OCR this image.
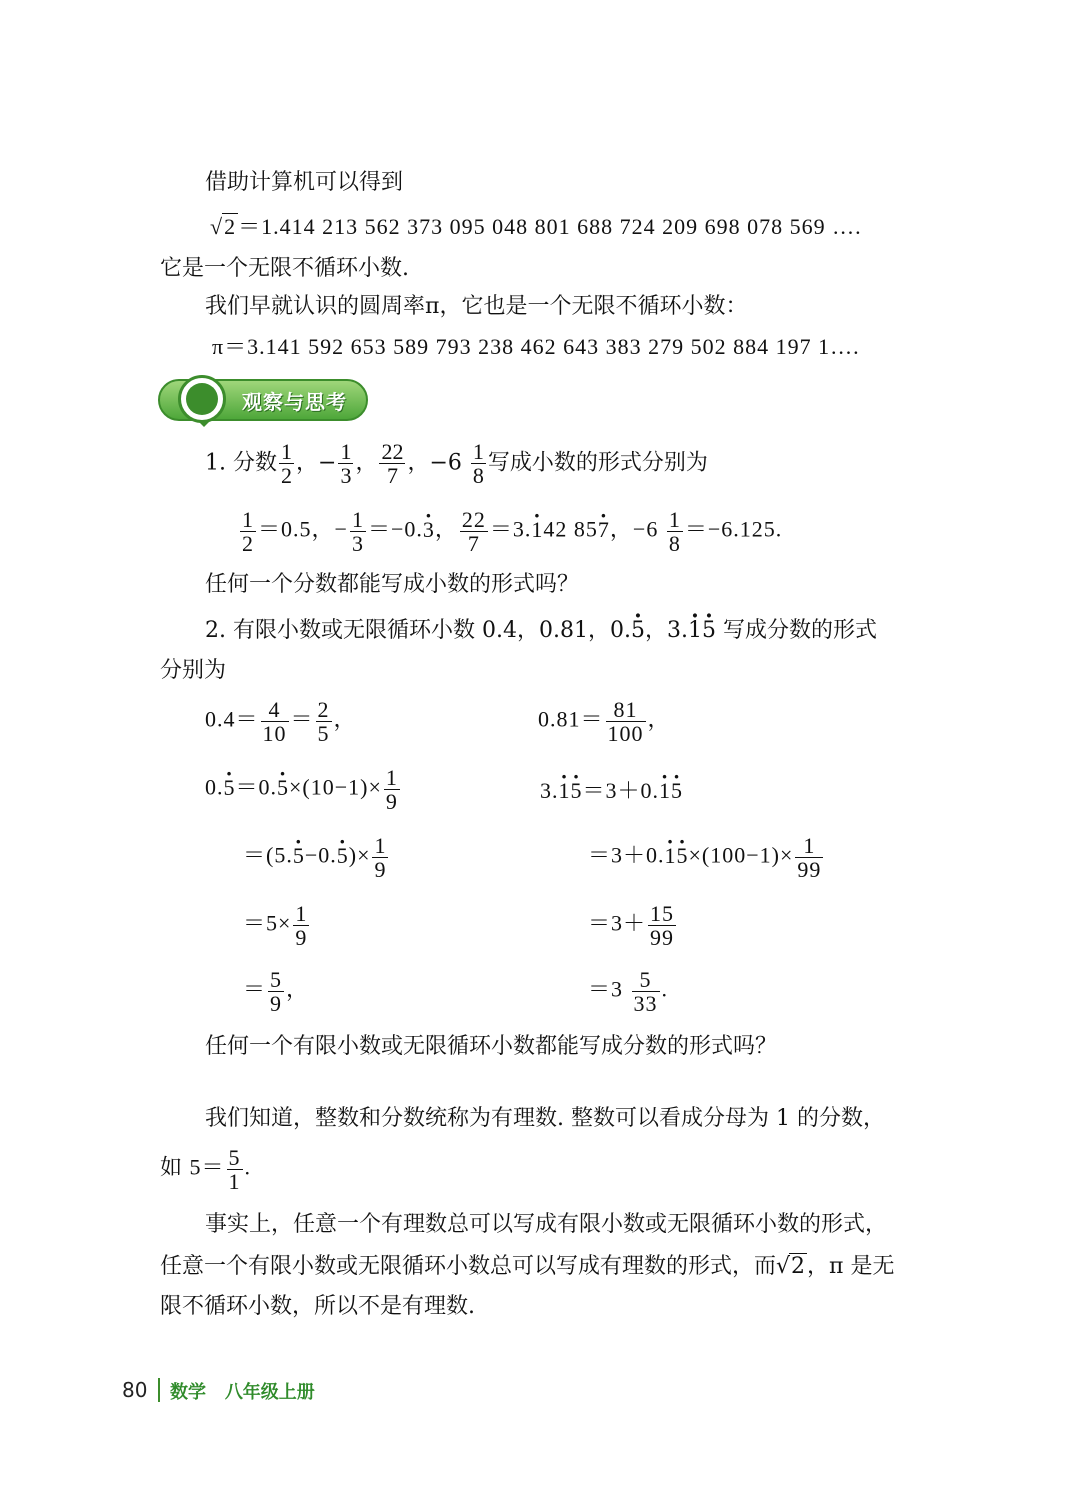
借助计算机可以得到
√2＝1.414 213 562 373 095 048 801 688 724 209 698 078 569 ….
它是一个无限不循环小数.
我们早就认识的圆周率π，它也是一个无限不循环小数：
π＝3.141 592 653 589 793 238 462 643 383 279 502 884 197 1….
观察与思考
1. 分数 $\frac{1}{2}$ ，− $\frac{1}{3}$ ， $\frac{22}{7}$ ，$-6 \frac{1}{8}$ 写成小数的形式分别为
$\frac{1}{2} =0.5$，− $\frac{1}{3} =-0.\cdot 3$， $\frac{22}{7} =3.\cdot 142$ 85· 7，$-6 \frac{1}{8} =-6.125$.
任何一个分数都能写成小数的形式吗？
2. 有限小数或无限循环小数 0.4，0.81，0.· 5，3.· 1· 5 写成分数的形式
分别为
$0.4= \frac{4}{10} = \frac{2}{5}$ ，
$0.\cdot 5=0.\cdot 5\times(10-1)\times \frac{1}{9}$
$=(5.\cdot 5-0.\cdot 5)\times \frac{1}{9}$
$=5\times \frac{1}{9}$
＝ $\frac{5}{9}$ ，
$0.81= \frac{81}{100}$ ，
3.· 1· 5＝3＋0.· 1· 5
$=3+0.\cdot 1\cdot 5\times(100-1)\times \frac{1}{99}$
$=3+ \frac{15}{99}$
$=3 \frac{5}{33}$ .
任何一个有限小数或无限循环小数都能写成分数的形式吗？
我们知道，整数和分数统称为有理数. 整数可以看成分母为 1 的分数，
如 $5= \frac{5}{1}$ .
事实上，任意一个有理数总可以写成有限小数或无限循环小数的形式，
任意一个有限小数或无限循环小数总可以写成有理数的形式，而√2，π 是无
限不循环小数，所以不是有理数.
80 数学 八年级上册
